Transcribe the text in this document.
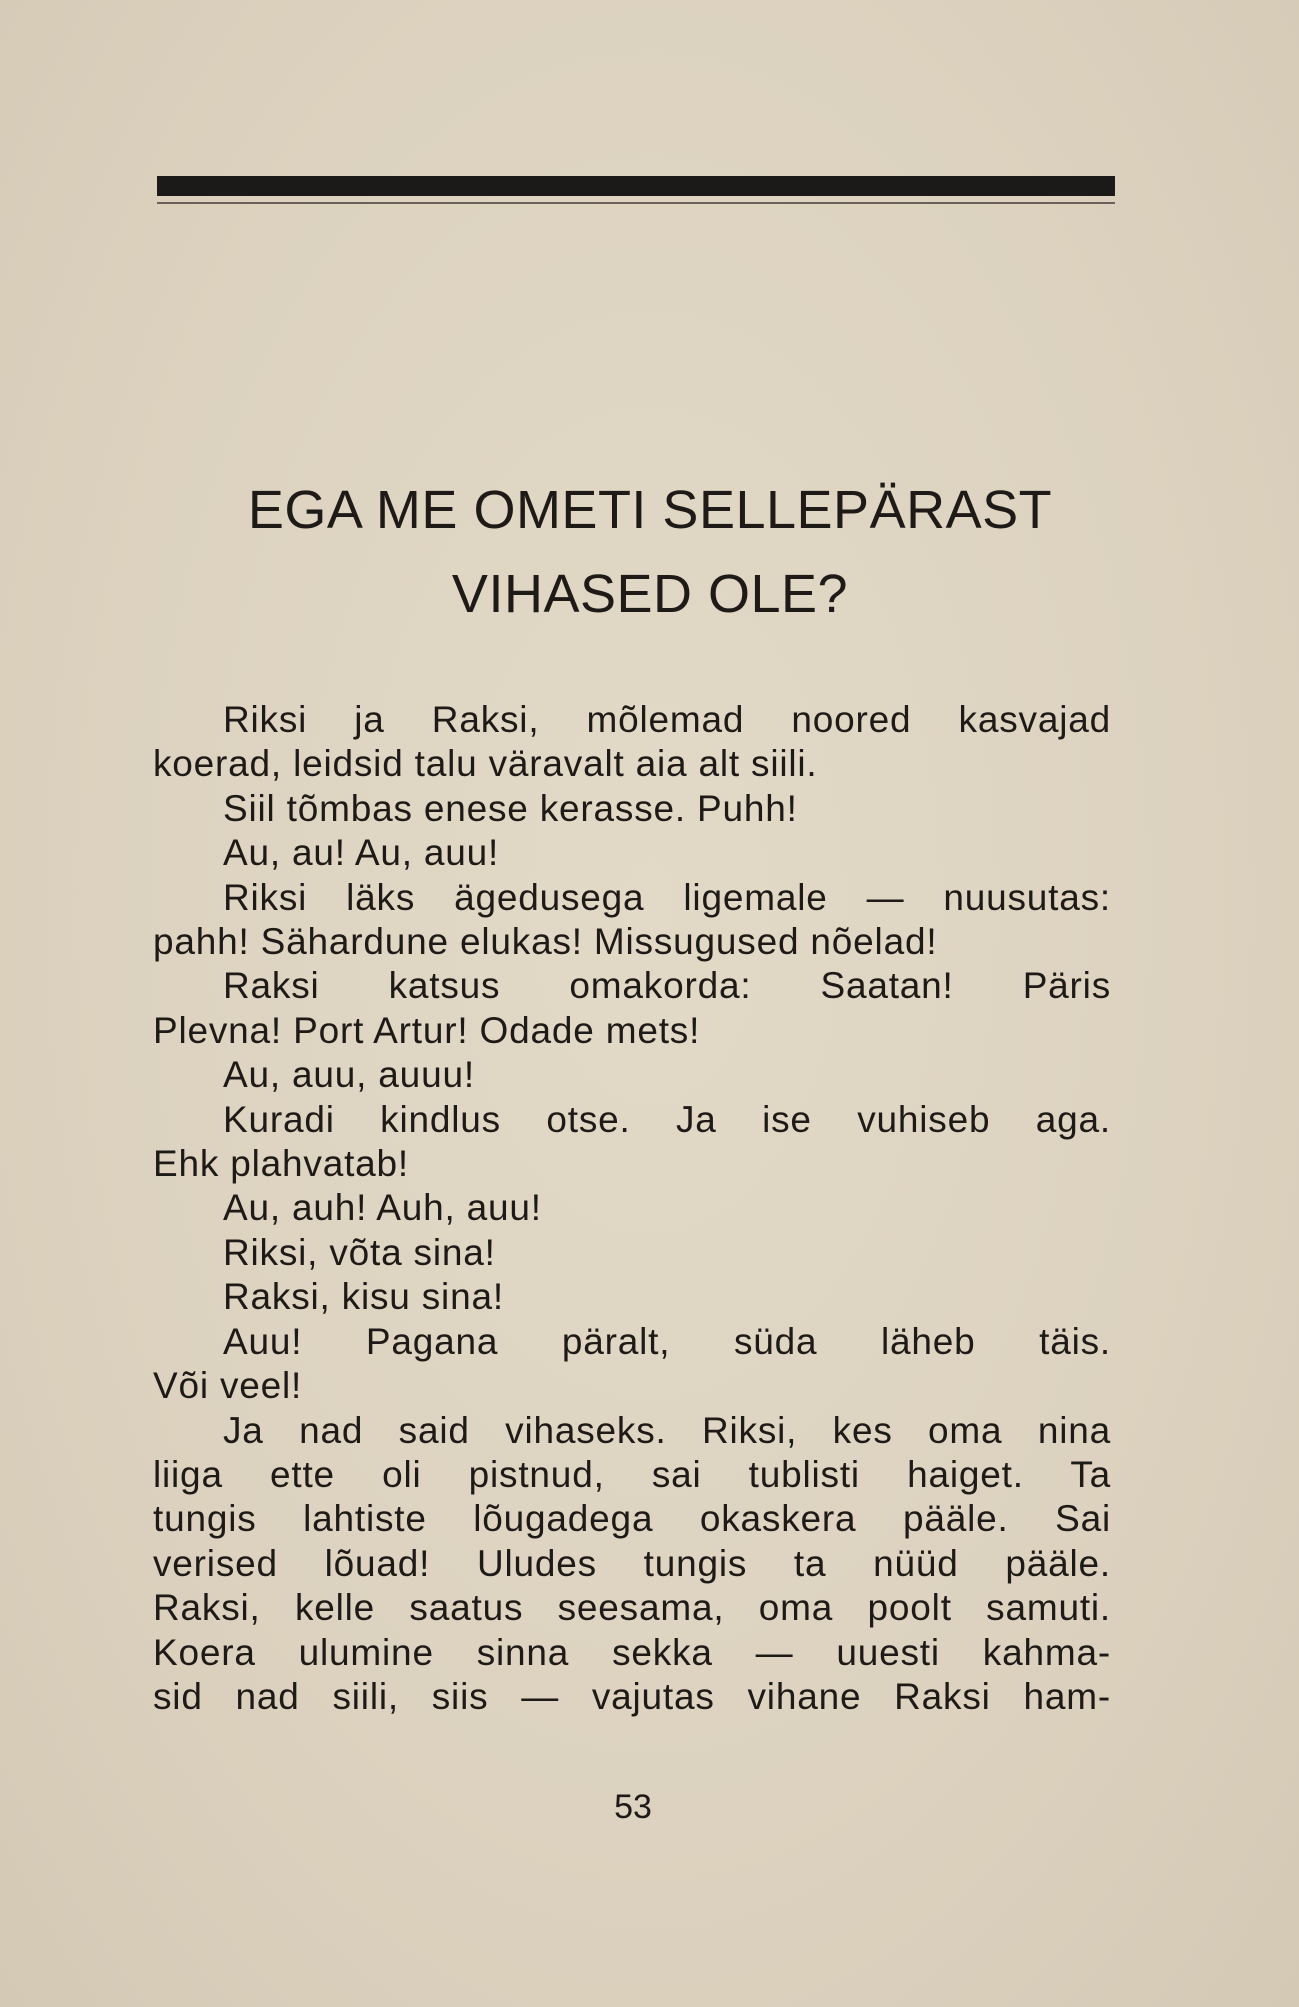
EGA ME OMETI SELLEPÄRAST
VIHASED OLE?

Riksi ja Raksi, mõlemad noored kasvajad

koerad, leidsid talu väravalt aia alt siili.

Siil tõmbas enese kerasse. Puhh!

Au, au! Au, auu!

Riksi läks ägedusega ligemale — nuusutas:

pahh! Sähardune elukas! Missugused nõelad!

Raksi katsus omakorda: Saatan! Päris

Plevna! Port Artur! Odade mets!

Au, auu, auuu!

Kuradi kindlus otse. Ja ise vuhiseb aga.

Ehk plahvatab!

Au, auh! Auh, auu!

Riksi, võta sina!

Raksi, kisu sina!

Auu! Pagana päralt, süda läheb täis.

Või veel!

Ja nad said vihaseks. Riksi, kes oma nina

liiga ette oli pistnud, sai tublisti haiget. Ta

tungis lahtiste lõugadega okaskera pääle. Sai

verised lõuad! Uludes tungis ta nüüd pääle.

Raksi, kelle saatus seesama, oma poolt samuti.

Koera ulumine sinna sekka — uuesti kahma-

sid nad siili, siis — vajutas vihane Raksi ham-

53
